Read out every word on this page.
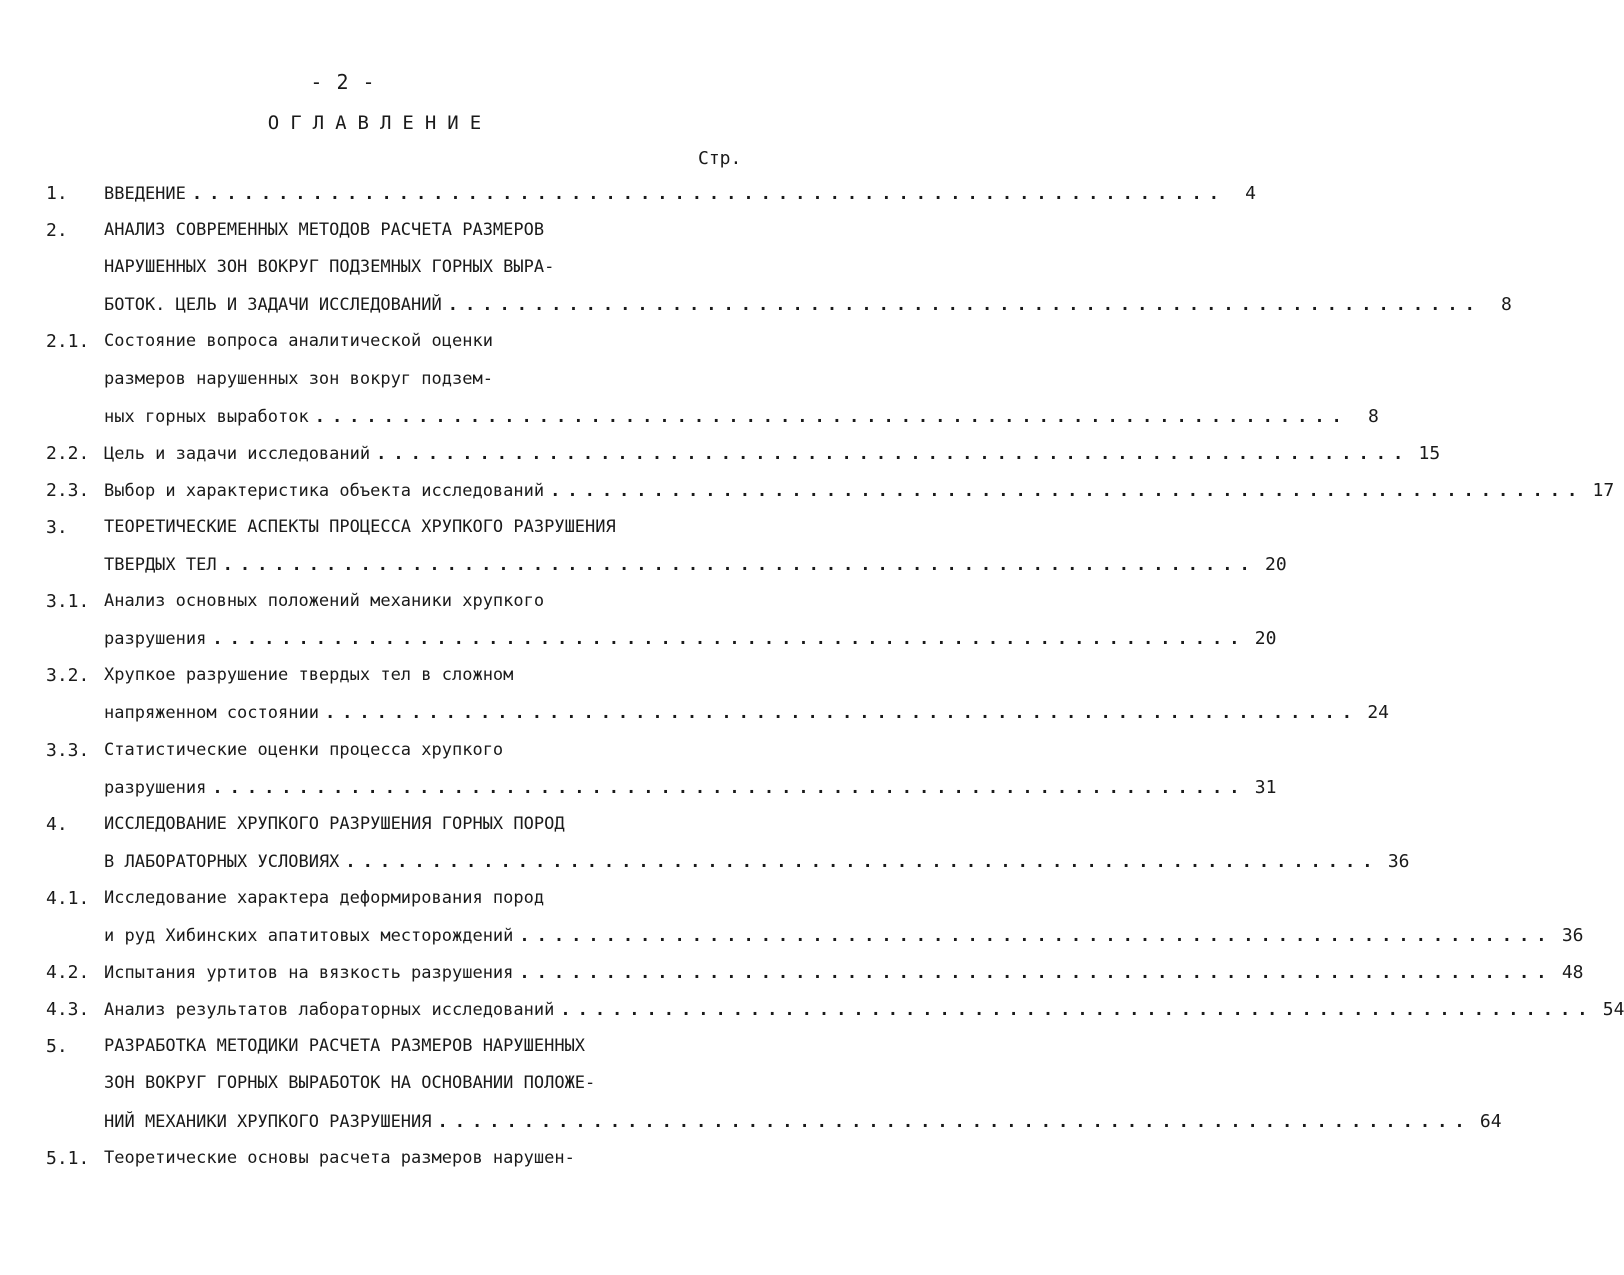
- 2 -
ОГЛАВЛЕНИЕ
Стр.
1. ВВЕДЕНИЕ ............................................................	4
2. АНАЛИЗ СОВРЕМЕННЫХ МЕТОДОВ РАСЧЕТА РАЗМЕРОВ
НАРУШЕННЫХ ЗОН ВОКРУГ ПОДЗЕМНЫХ ГОРНЫХ ВЫРА-
БОТОК. ЦЕЛЬ И ЗАДАЧИ ИССЛЕДОВАНИЙ ............................................................	8
2.1. Состояние вопроса аналитической оценки
размеров нарушенных зон вокруг подзем-
ных горных выработок ............................................................	8
2.2. Цель и задачи исследований ............................................................ 15
2.3. Выбор и характеристика объекта исследований ............................................................ 17
3. ТЕОРЕТИЧЕСКИЕ АСПЕКТЫ ПРОЦЕССА ХРУПКОГО РАЗРУШЕНИЯ
ТВЕРДЫХ ТЕЛ ............................................................ 20
3.1. Анализ основных положений механики хрупкого
разрушения ............................................................ 20
3.2. Хрупкое разрушение твердых тел в сложном
напряженном состоянии ............................................................ 24
3.3. Статистические оценки процесса хрупкого
разрушения ............................................................ 31
4. ИССЛЕДОВАНИЕ ХРУПКОГО РАЗРУШЕНИЯ ГОРНЫХ ПОРОД
В ЛАБОРАТОРНЫХ УСЛОВИЯХ ............................................................ 36
4.1. Исследование характера деформирования пород
и руд Хибинских апатитовых месторождений ............................................................ 36
4.2. Испытания уртитов на вязкость разрушения ............................................................ 48
4.3. Анализ результатов лабораторных исследований ............................................................ 54
5. РАЗРАБОТКА МЕТОДИКИ РАСЧЕТА РАЗМЕРОВ НАРУШЕННЫХ
ЗОН ВОКРУГ ГОРНЫХ ВЫРАБОТОК НА ОСНОВАНИИ ПОЛОЖЕ-
НИЙ МЕХАНИКИ ХРУПКОГО РАЗРУШЕНИЯ ............................................................ 64
5.1. Теоретические основы расчета размеров нарушен-
